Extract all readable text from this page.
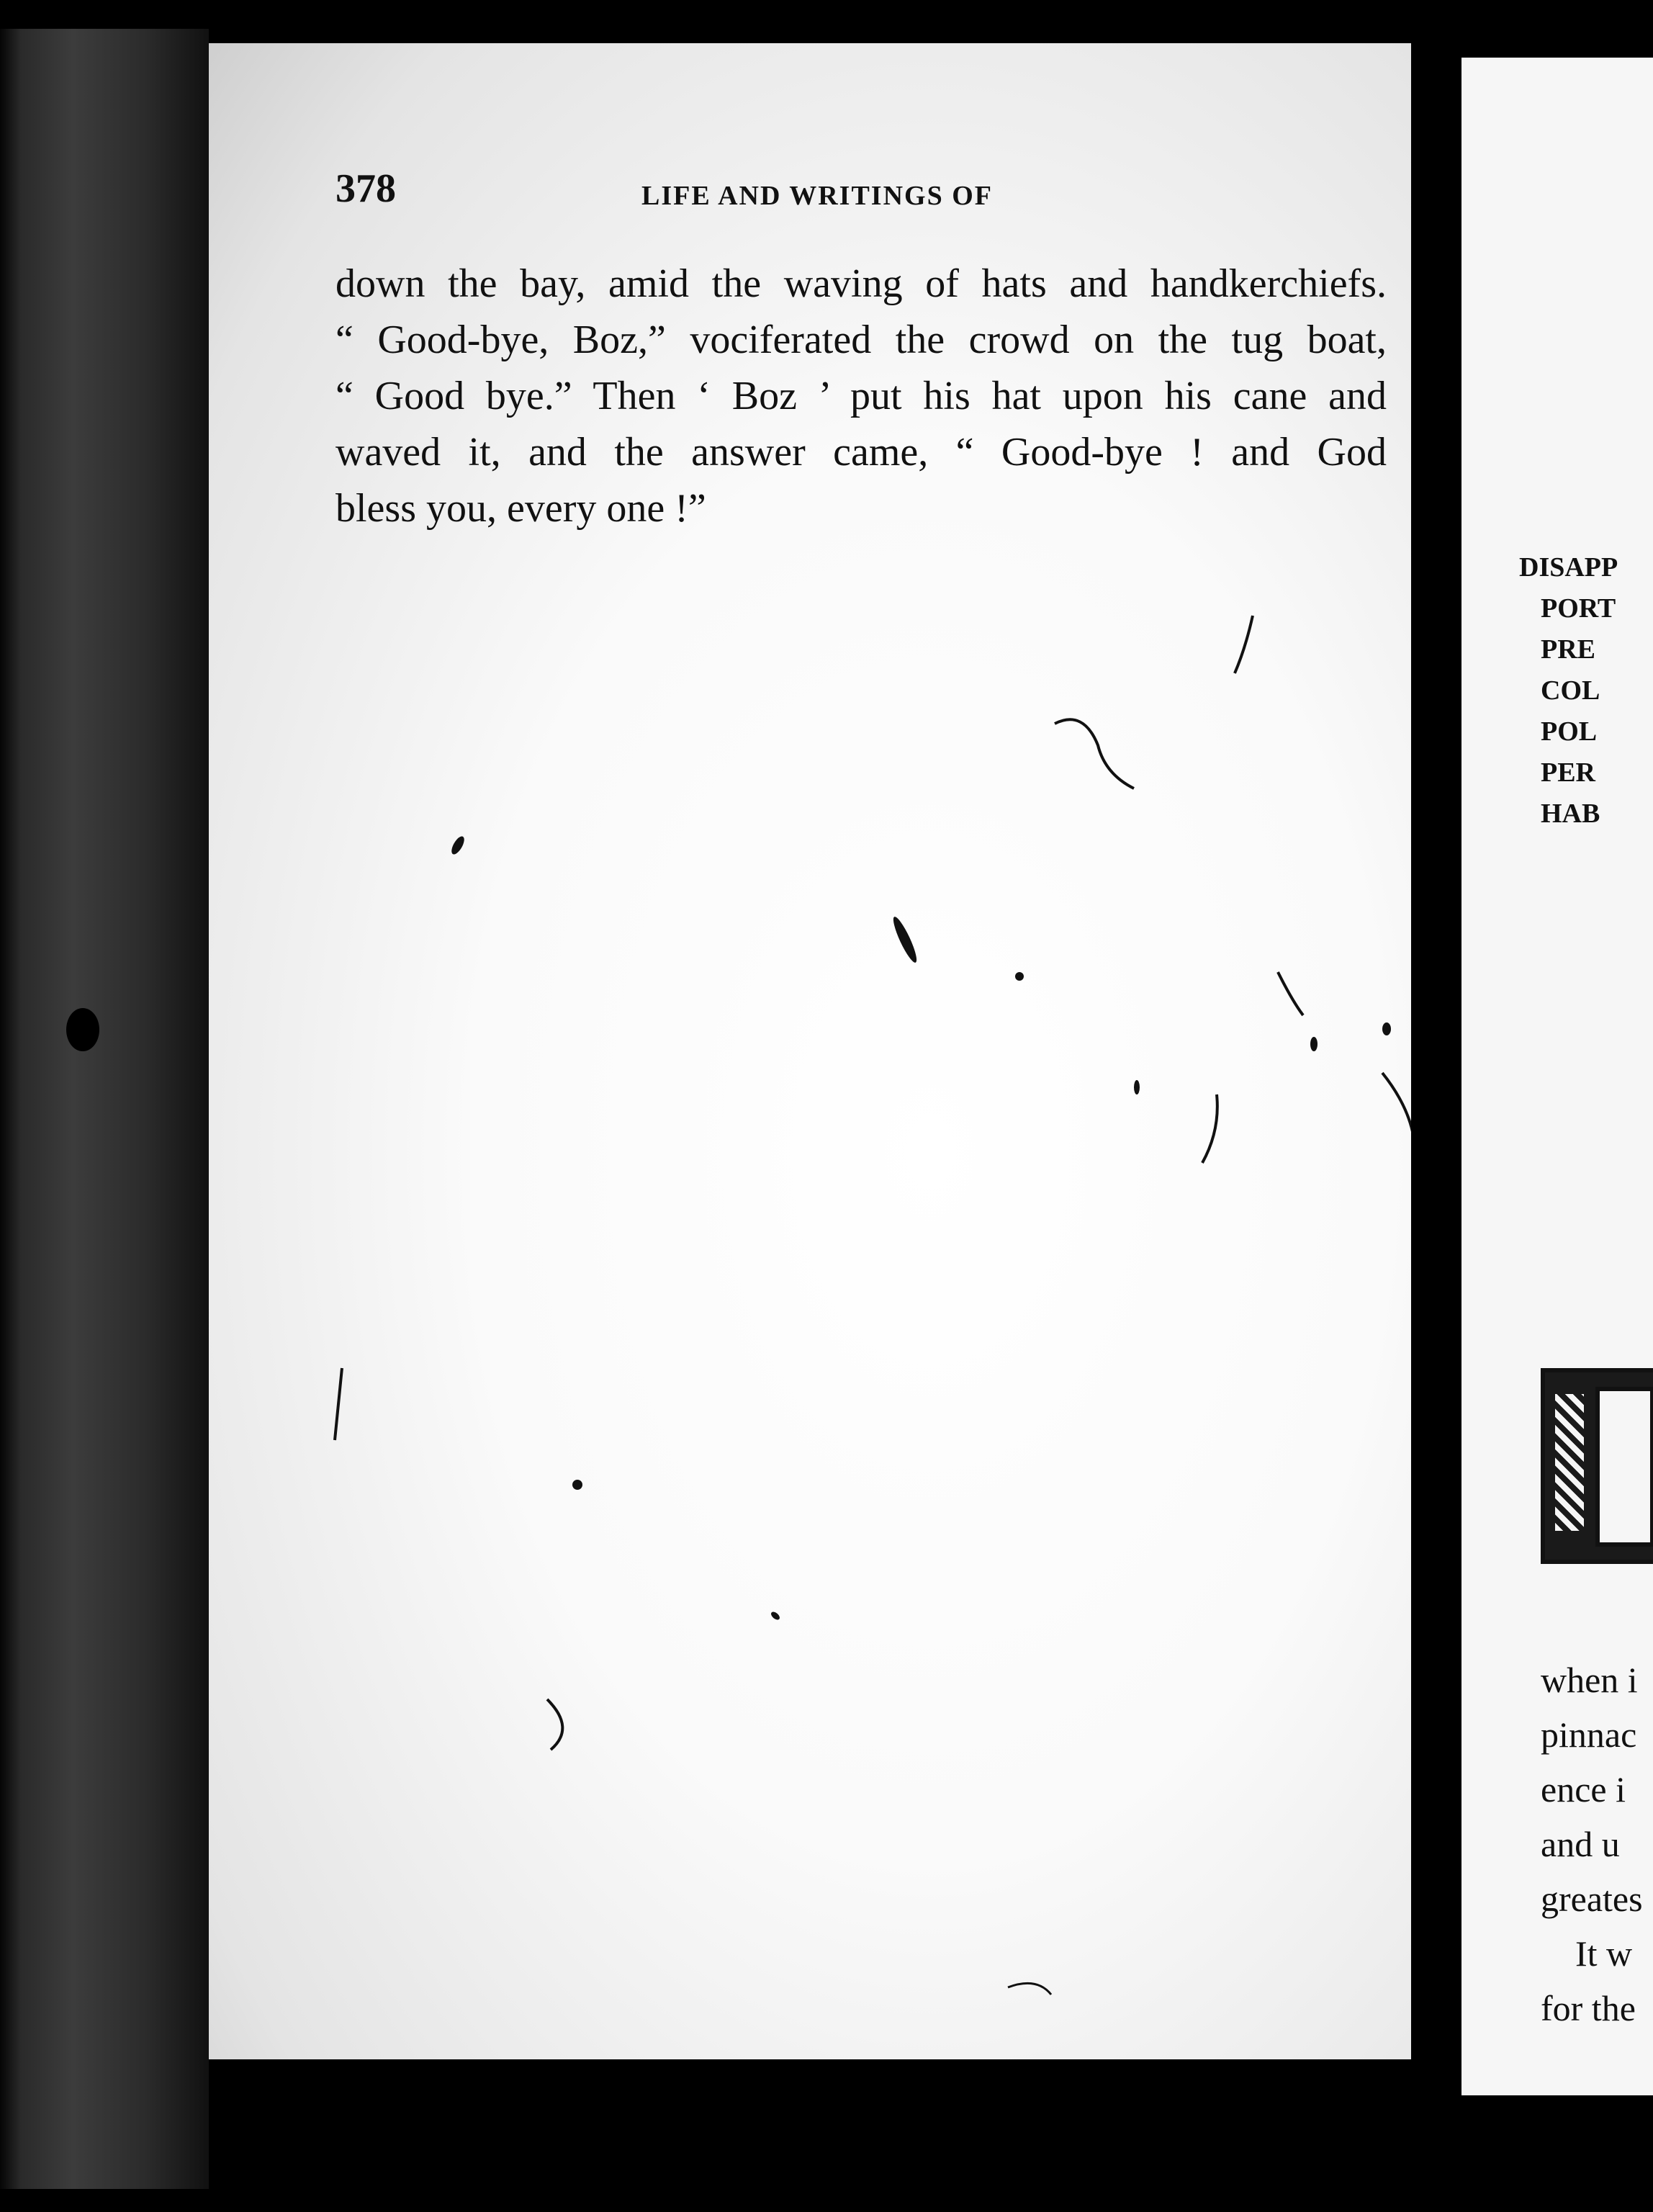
378	LIFE AND WRITINGS OF
down the bay, amid the waving of hats and handkerchiefs.
“ Good-bye, Boz,” vociferated the crowd on the tug boat,
“ Good bye.” Then ‘ Boz ’ put his hat upon his cane and
waved it, and the answer came, “ Good-bye ! and God
bless you, every one !”
DISAPP
PORT
PRE
COL
POL
PER
HAB
when i
pinnac
ence i
and u
greates
It w
for the
